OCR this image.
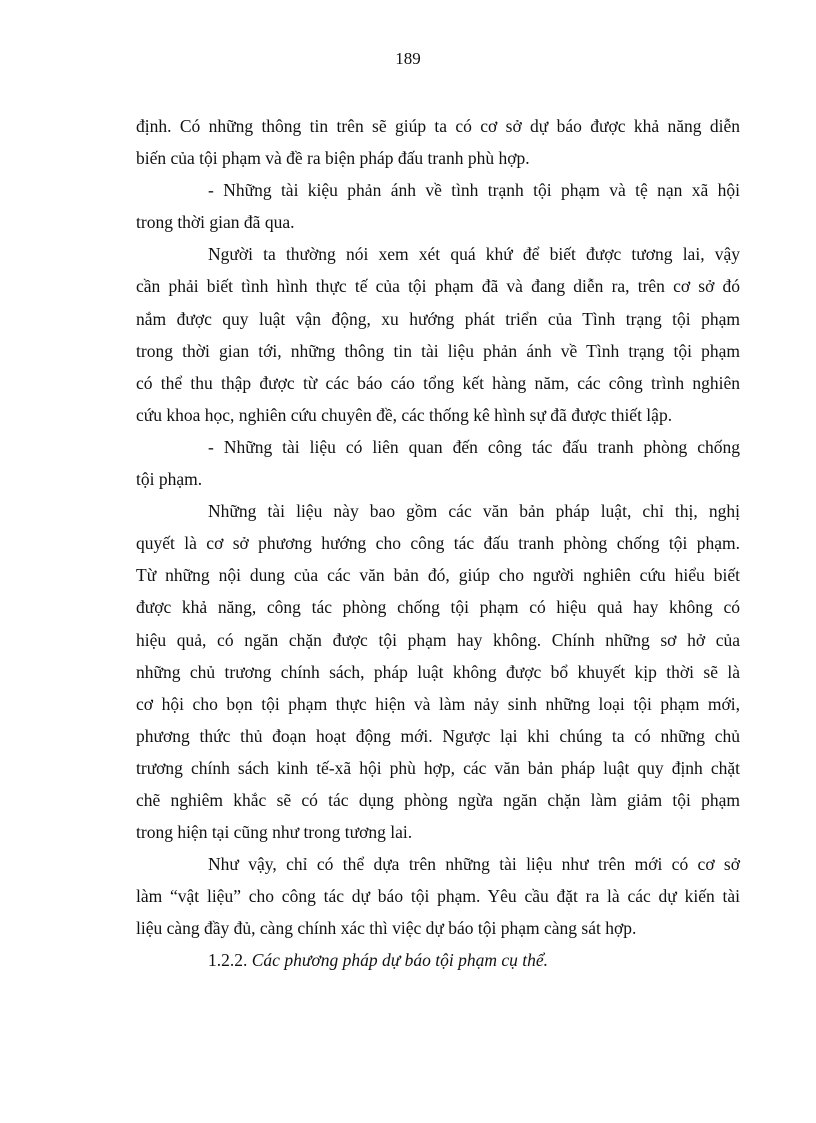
189
định. Có những thông tin trên sẽ giúp ta có cơ sở dự báo được khả năng diễn
biến của tội phạm và đề ra biện pháp đấu tranh phù hợp.
- Những tài kiệu phản ánh về tình trạnh tội phạm và tệ nạn xã hội
trong thời gian đã qua.
Người ta thường nói xem xét quá khứ để biết được tương lai, vậy
cần phải biết tình hình thực tế của tội phạm đã và đang diễn ra, trên cơ sở đó
nắm được quy luật vận động, xu hướng phát triển của Tình trạng tội phạm
trong thời gian tới, những thông tin tài liệu phản ánh về Tình trạng tội phạm
có thể thu thập được từ các báo cáo tổng kết hàng năm, các công trình nghiên
cứu khoa học, nghiên cứu chuyên đề, các thống kê hình sự đã được thiết lập.
- Những tài liệu có liên quan đến công tác đấu tranh phòng chống
tội phạm.
Những tài liệu này bao gồm các văn bản pháp luật, chỉ thị, nghị
quyết là cơ sở phương hướng cho công tác đấu tranh phòng chống tội phạm.
Từ những nội dung của các văn bản đó, giúp cho người nghiên cứu hiểu biết
được khả năng, công tác phòng chống tội phạm có hiệu quả hay không có
hiệu quả, có ngăn chặn được tội phạm hay không. Chính những sơ hở của
những chủ trương chính sách, pháp luật không được bổ khuyết kịp thời sẽ là
cơ hội cho bọn tội phạm thực hiện và làm nảy sinh những loại tội phạm mới,
phương thức thủ đoạn hoạt động mới. Ngược lại khi chúng ta có những chủ
trương chính sách kinh tế-xã hội phù hợp, các văn bản pháp luật quy định chặt
chẽ nghiêm khắc sẽ có tác dụng phòng ngừa ngăn chặn làm giảm tội phạm
trong hiện tại cũng như trong tương lai.
Như vậy, chỉ có thể dựa trên những tài liệu như trên mới có cơ sở
làm “vật liệu” cho công tác dự báo tội phạm. Yêu cầu đặt ra là các dự kiến tài
liệu càng đầy đủ, càng chính xác thì việc dự báo tội phạm càng sát hợp.
1.2.2. Các phương pháp dự báo tội phạm cụ thể.
